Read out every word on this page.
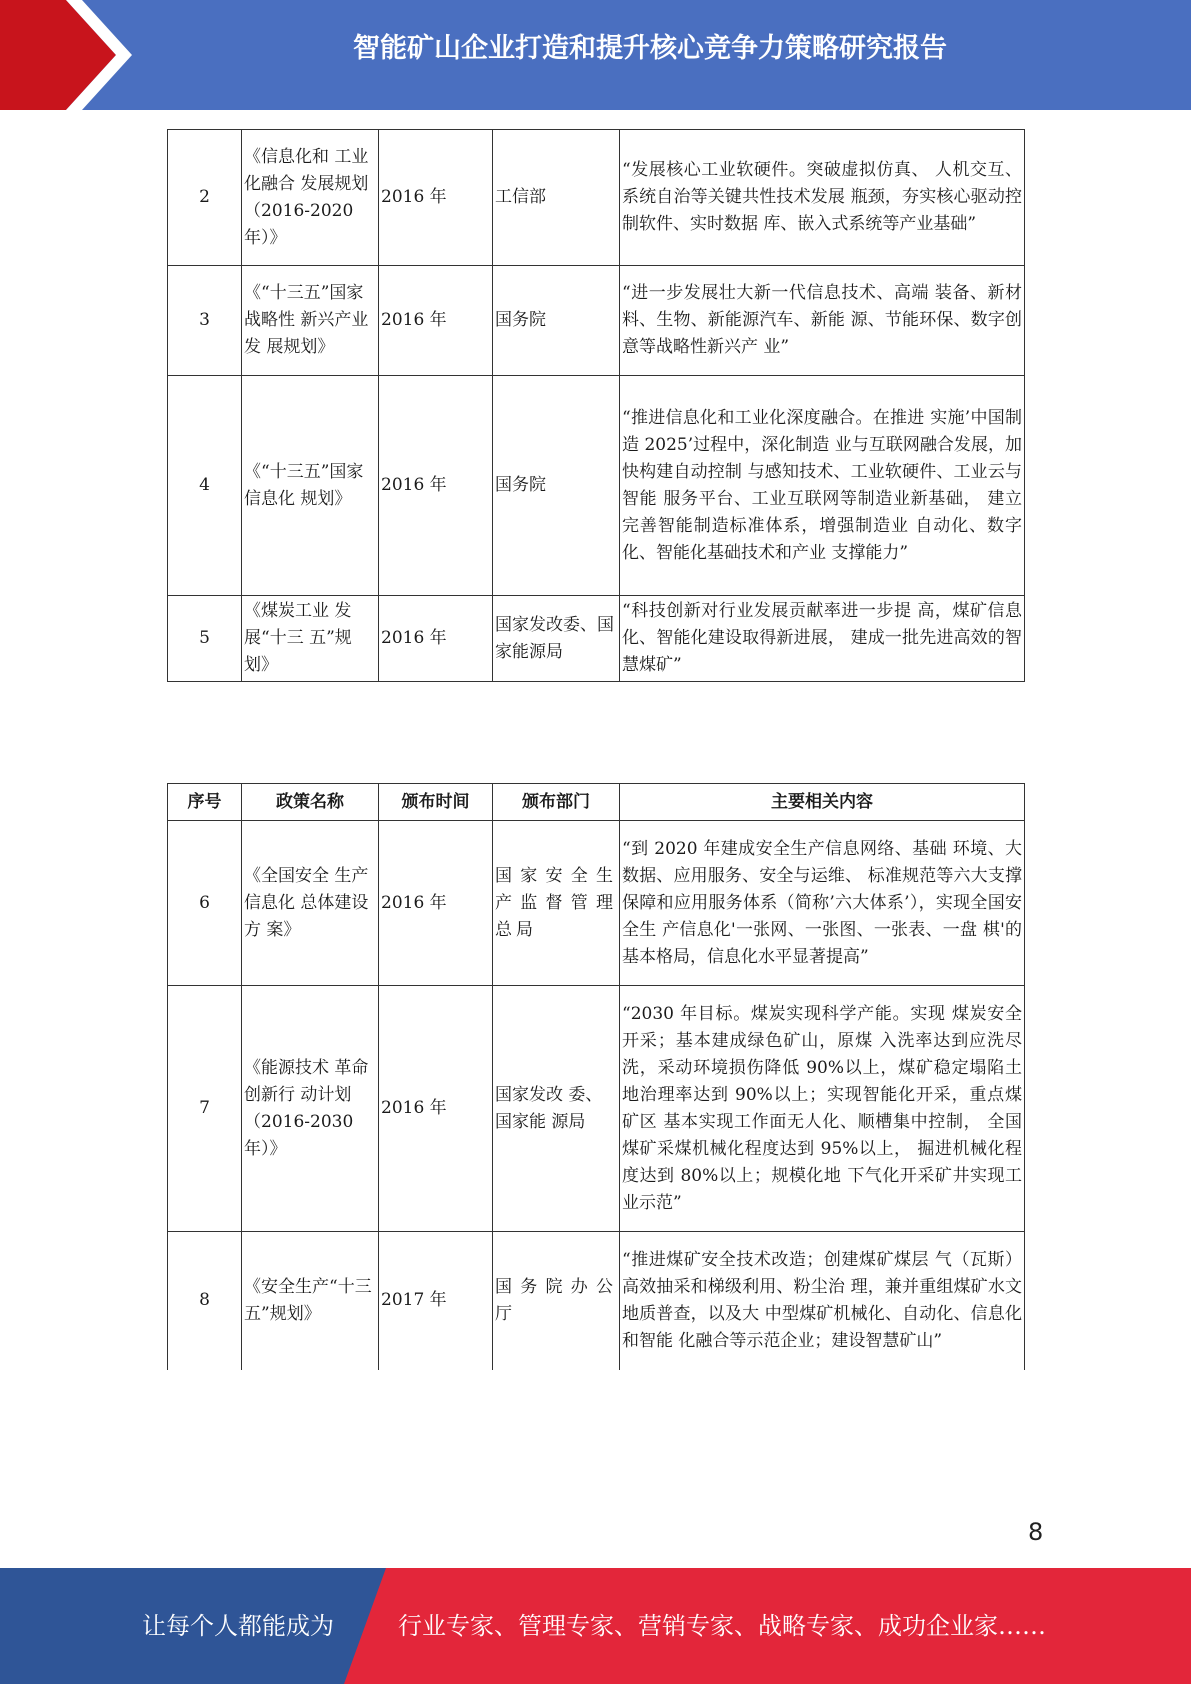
智能矿山企业打造和提升核心竞争力策略研究报告
2	《信息化和 工业化融合 发展规划（2016-2020年）》	2016 年	工信部	“发展核心工业软硬件。突破虚拟仿真、 人机交互、系统自治等关键共性技术发展 瓶颈，夯实核心驱动控制软件、实时数据 库、嵌入式系统等产业基础”
3	《“十三五”国家战略性 新兴产业发 展规划》	2016 年	国务院	“进一步发展壮大新一代信息技术、高端 装备、新材料、生物、新能源汽车、新能 源、节能环保、数字创意等战略性新兴产 业”
4	《“十三五”国家信息化 规划》	2016 年	国务院	“推进信息化和工业化深度融合。在推进 实施’中国制造 2025’过程中，深化制造 业与互联网融合发展，加快构建自动控制 与感知技术、工业软硬件、工业云与智能 服务平台、工业互联网等制造业新基础， 建立完善智能制造标准体系，增强制造业 自动化、数字化、智能化基础技术和产业 支撑能力”
5	《煤炭工业 发展“十三 五”规划》	2016 年	国家发改委、国家能源局	“科技创新对行业发展贡献率进一步提 高，煤矿信息化、智能化建设取得新进展， 建成一批先进高效的智慧煤矿”
序号	政策名称	颁布时间	颁布部门	主要相关内容
6	《全国安全 生产信息化 总体建设方 案》	2016 年	国家安全生产监督管理总局	“到 2020 年建成安全生产信息网络、基础 环境、大数据、应用服务、安全与运维、 标准规范等六大支撑保障和应用服务体系（简称’六大体系’），实现全国安全生 产信息化'一张网、一张图、一张表、一盘 棋'的基本格局，信息化水平显著提高”
7	《能源技术 革命创新行 动计划（2016-2030年）》	2016 年	国家发改 委、国家能 源局	“2030 年目标。煤炭实现科学产能。实现 煤炭安全开采；基本建成绿色矿山，原煤 入洗率达到应洗尽洗，采动环境损伤降低 90%以上，煤矿稳定塌陷土地治理率达到 90%以上；实现智能化开采，重点煤矿区 基本实现工作面无人化、顺槽集中控制， 全国煤矿采煤机械化程度达到 95%以上， 掘进机械化程度达到 80%以上；规模化地 下气化开采矿井实现工业示范”
8	《安全生产“十三五”规划》	2017 年	国务院办公厅	“推进煤矿安全技术改造；创建煤矿煤层 气（瓦斯）高效抽采和梯级利用、粉尘治 理，兼并重组煤矿水文地质普查，以及大 中型煤矿机械化、自动化、信息化和智能 化融合等示范企业；建设智慧矿山”
8
让每个人都能成为	行业专家、管理专家、营销专家、战略专家、成功企业家……
